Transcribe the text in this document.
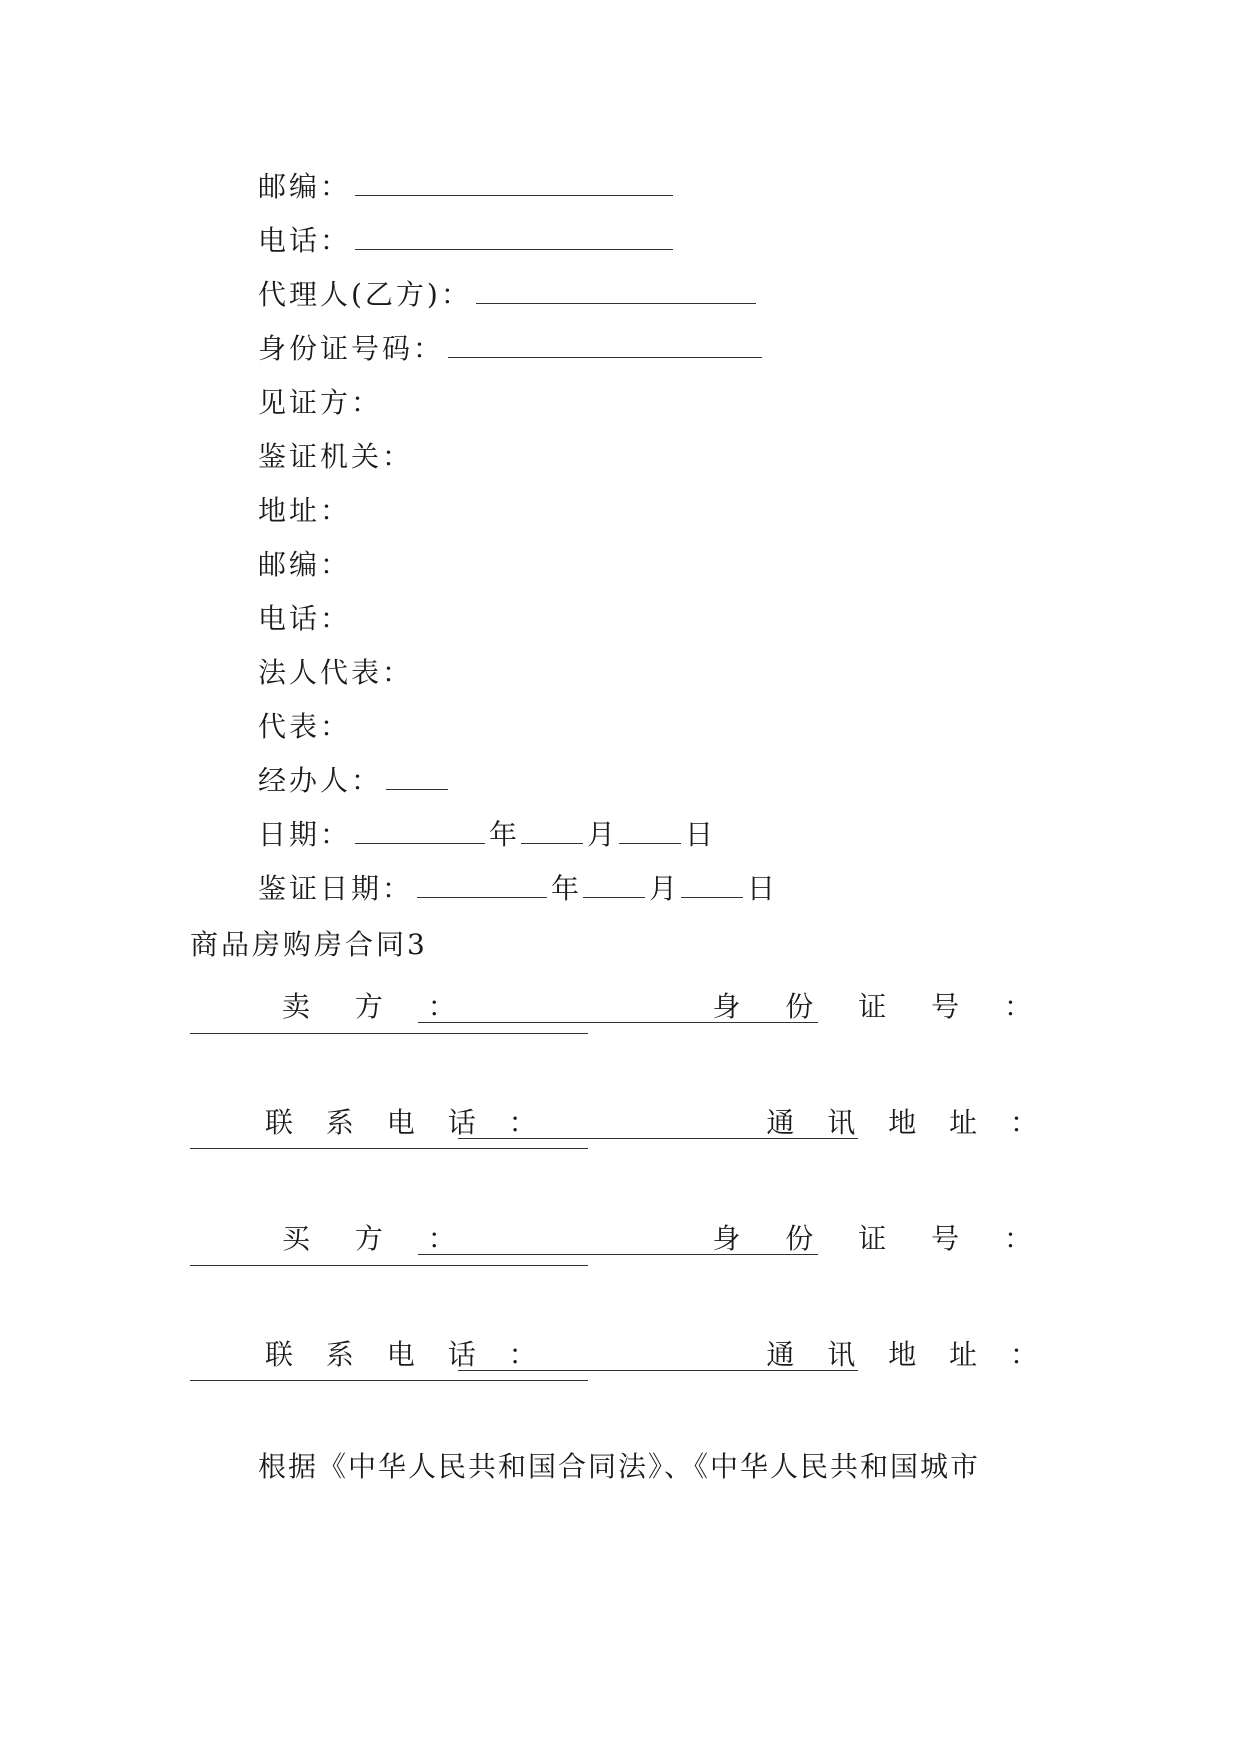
邮编：
电话：
代理人(乙方)：
身份证号码：
见证方：
鉴证机关：
地址：
邮编：
电话：
法人代表：
代表：
经办人：
日期：	年	月	日
鉴证日期：	年	月	日
商品房购房合同3
卖 方 ：	身 份 证 号 ：
联 系 电 话 ：	通 讯 地 址 ：
买 方 ：	身 份 证 号 ：
联 系 电 话 ：	通 讯 地 址 ：
根据《中华人民共和国合同法》、《中华人民共和国城市
